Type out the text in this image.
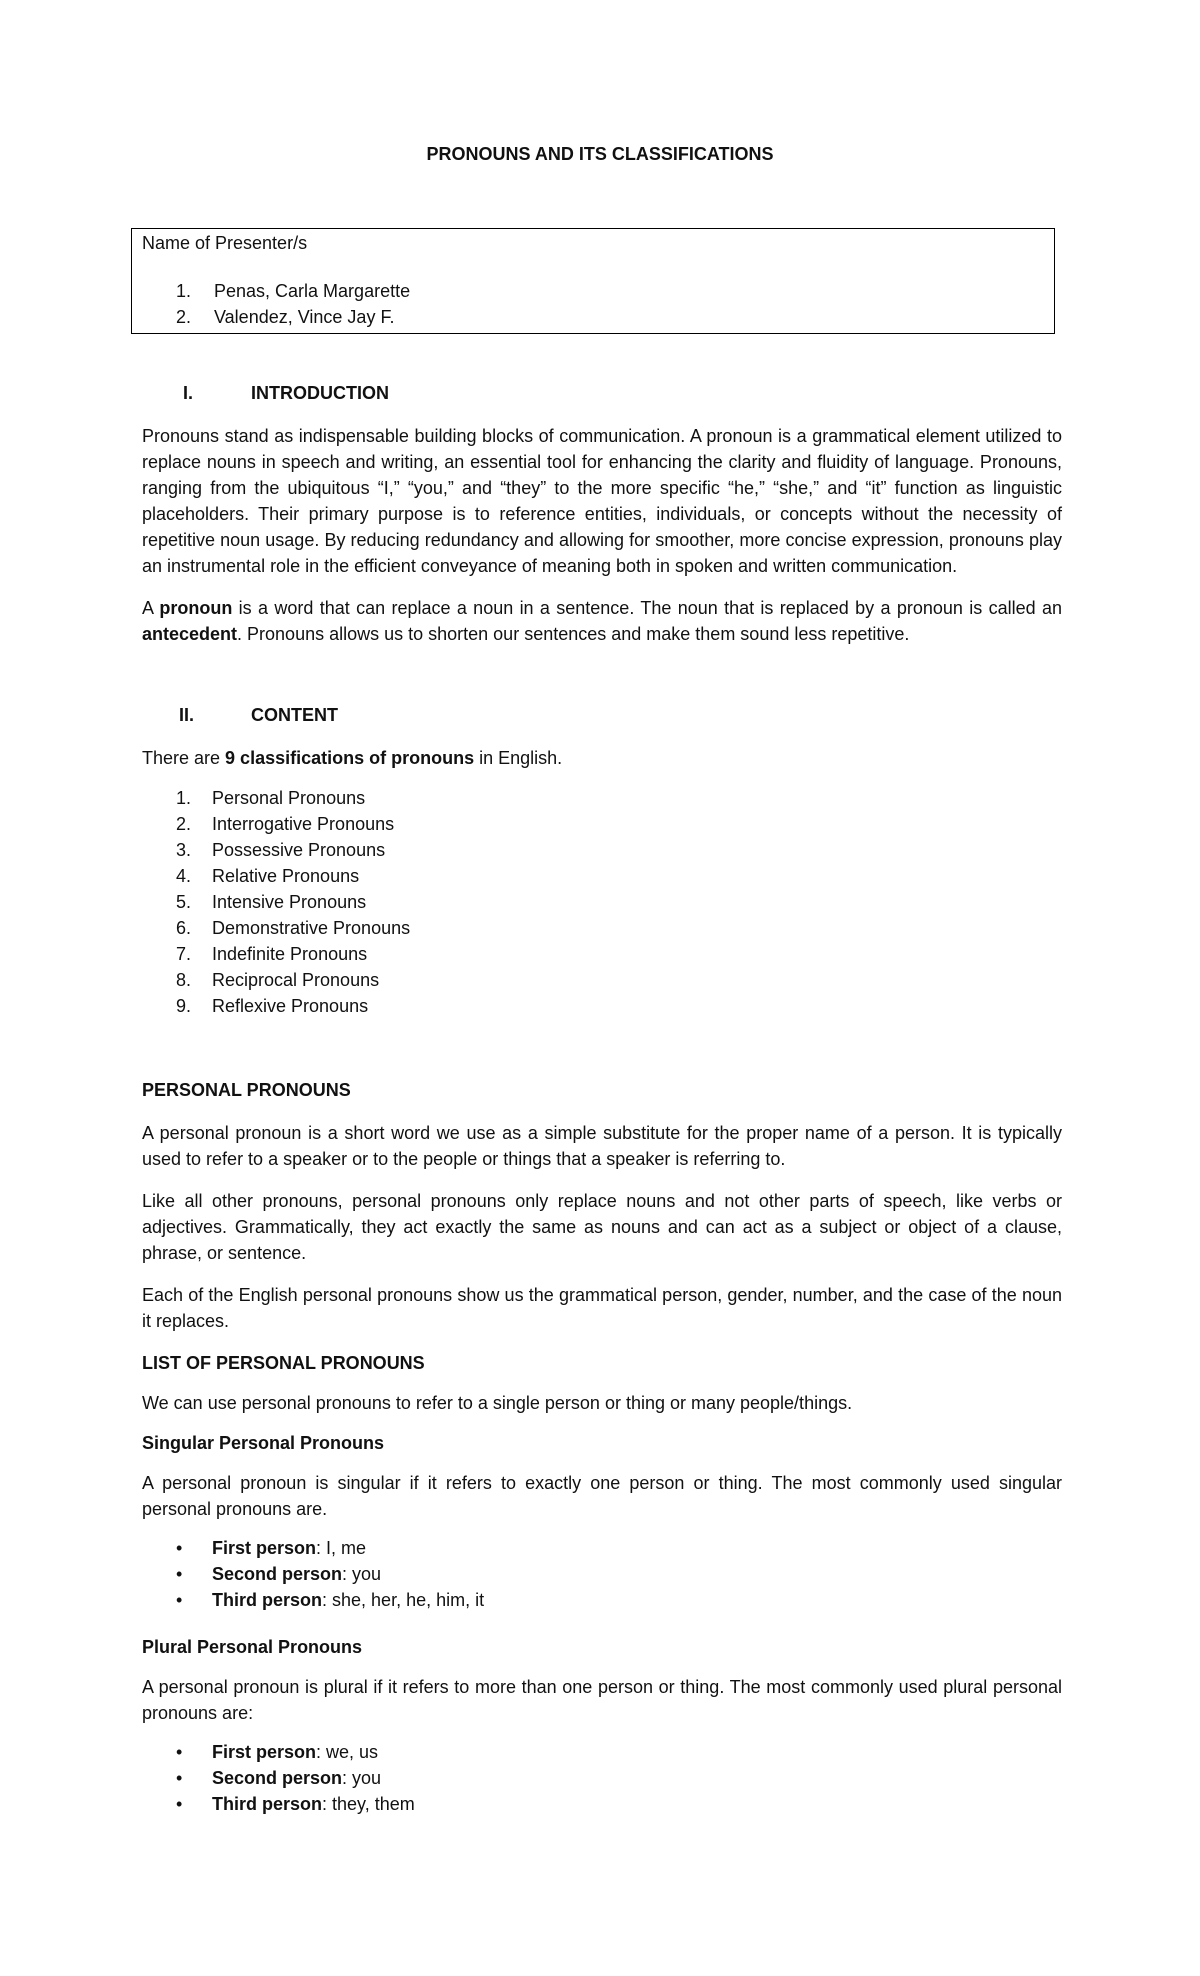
PRONOUNS AND ITS CLASSIFICATIONS
Name of Presenter/s
1. Penas, Carla Margarette
2. Valendez, Vince Jay F.
I.	INTRODUCTION
Pronouns stand as indispensable building blocks of communication. A pronoun is a grammatical element utilized to replace nouns in speech and writing, an essential tool for enhancing the clarity and fluidity of language. Pronouns, ranging from the ubiquitous “I,” “you,” and “they” to the more specific “he,” “she,” and “it” function as linguistic placeholders. Their primary purpose is to reference entities, individuals, or concepts without the necessity of repetitive noun usage. By reducing redundancy and allowing for smoother, more concise expression, pronouns play an instrumental role in the efficient conveyance of meaning both in spoken and written communication.
A pronoun is a word that can replace a noun in a sentence. The noun that is replaced by a pronoun is called an antecedent. Pronouns allows us to shorten our sentences and make them sound less repetitive.
II.	CONTENT
There are 9 classifications of pronouns in English.
1. Personal Pronouns
2. Interrogative Pronouns
3. Possessive Pronouns
4. Relative Pronouns
5. Intensive Pronouns
6. Demonstrative Pronouns
7. Indefinite Pronouns
8. Reciprocal Pronouns
9. Reflexive Pronouns
PERSONAL PRONOUNS
A personal pronoun is a short word we use as a simple substitute for the proper name of a person. It is typically used to refer to a speaker or to the people or things that a speaker is referring to.
Like all other pronouns, personal pronouns only replace nouns and not other parts of speech, like verbs or adjectives. Grammatically, they act exactly the same as nouns and can act as a subject or object of a clause, phrase, or sentence.
Each of the English personal pronouns show us the grammatical person, gender, number, and the case of the noun it replaces.
LIST OF PERSONAL PRONOUNS
We can use personal pronouns to refer to a single person or thing or many people/things.
Singular Personal Pronouns
A personal pronoun is singular if it refers to exactly one person or thing. The most commonly used singular personal pronouns are.
• First person: I, me
• Second person: you
• Third person: she, her, he, him, it
Plural Personal Pronouns
A personal pronoun is plural if it refers to more than one person or thing. The most commonly used plural personal pronouns are:
• First person: we, us
• Second person: you
• Third person: they, them
